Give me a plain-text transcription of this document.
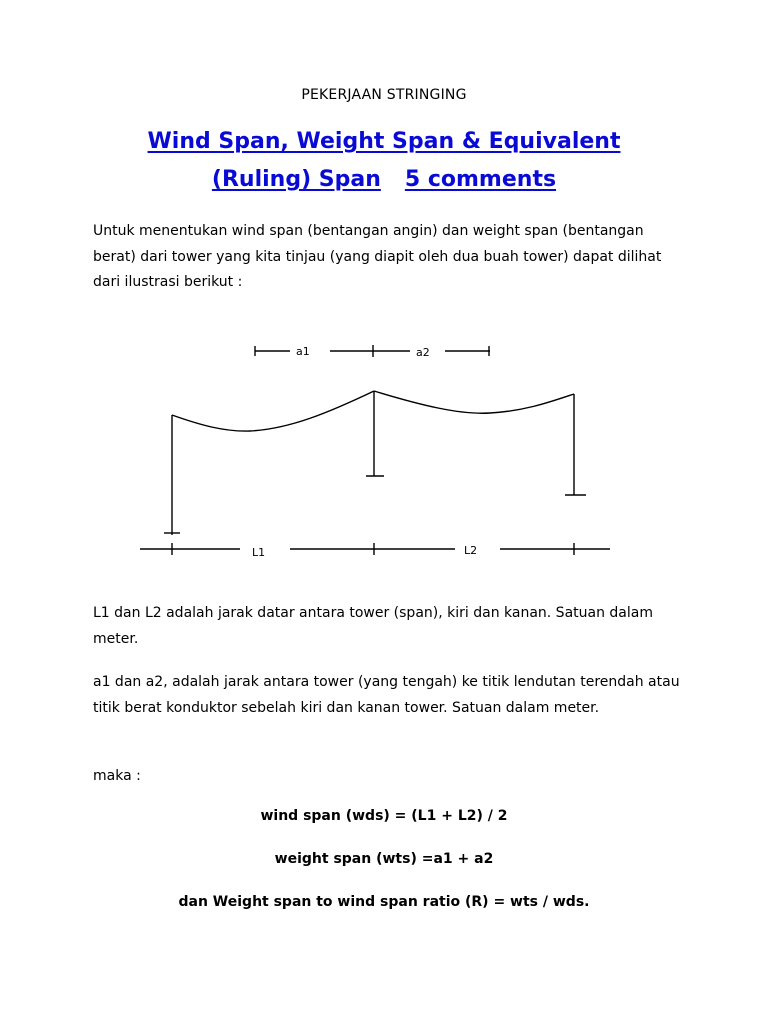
PEKERJAAN STRINGING
Wind Span, Weight Span & Equivalent
(Ruling) Span 5 comments
Untuk menentukan wind span (bentangan angin) dan weight span (bentangan berat) dari tower yang kita tinjau (yang diapit oleh dua buah tower) dapat dilihat dari ilustrasi berikut :
a1	a2
L1	L2
L1 dan L2 adalah jarak datar antara tower (span), kiri dan kanan. Satuan dalam meter.
a1 dan a2, adalah jarak antara tower (yang tengah) ke titik lendutan terendah atau titik berat konduktor sebelah kiri dan kanan tower. Satuan dalam meter.
maka :
wind span (wds) = (L1 + L2) / 2
weight span (wts) =a1 + a2
dan Weight span to wind span ratio (R) = wts / wds.
